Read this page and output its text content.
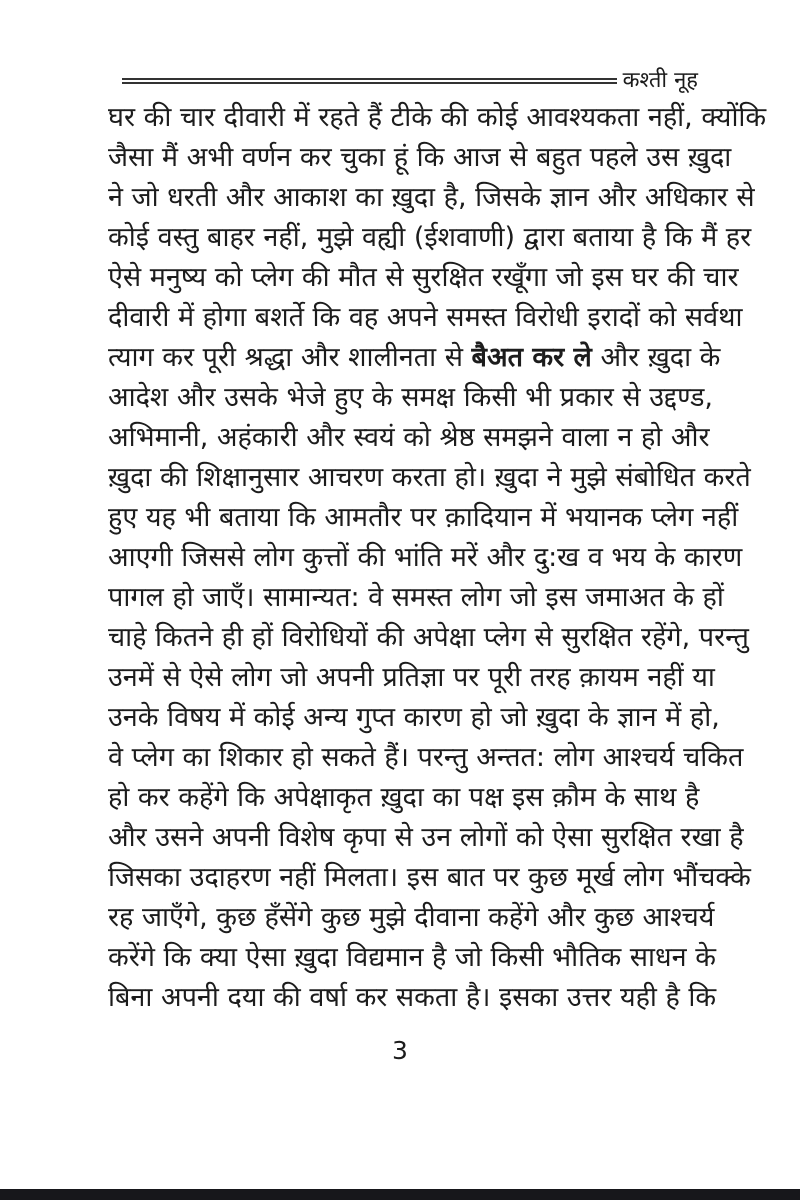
कश्ती नूह
घर की चार दीवारी में रहते हैं टीके की कोई आवश्यकता नहीं, क्योंकि
जैसा मैं अभी वर्णन कर चुका हूं कि आज से बहुत पहले उस ख़ुदा
ने जो धरती और आकाश का ख़ुदा है, जिसके ज्ञान और अधिकार से
कोई वस्तु बाहर नहीं, मुझे वह्यी (ईशवाणी) द्वारा बताया है कि मैं हर
ऐसे मनुष्य को प्लेग की मौत से सुरक्षित रखूँगा जो इस घर की चार
दीवारी में होगा बशर्ते कि वह अपने समस्त विरोधी इरादों को सर्वथा
त्याग कर पूरी श्रद्धा और शालीनता से बैअत कर ले और ख़ुदा के
आदेश और उसके भेजे हुए के समक्ष किसी भी प्रकार से उद्दण्ड,
अभिमानी, अहंकारी और स्वयं को श्रेष्ठ समझने वाला न हो और
ख़ुदा की शिक्षानुसार आचरण करता हो। ख़ुदा ने मुझे संबोधित करते
हुए यह भी बताया कि आमतौर पर क़ादियान में भयानक प्लेग नहीं
आएगी जिससे लोग कुत्तों की भांति मरें और दु:ख व भय के कारण
पागल हो जाएँ। सामान्यत: वे समस्त लोग जो इस जमाअत के हों
चाहे कितने ही हों विरोधियों की अपेक्षा प्लेग से सुरक्षित रहेंगे, परन्तु
उनमें से ऐसे लोग जो अपनी प्रतिज्ञा पर पूरी तरह क़ायम नहीं या
उनके विषय में कोई अन्य गुप्त कारण हो जो ख़ुदा के ज्ञान में हो,
वे प्लेग का शिकार हो सकते हैं। परन्तु अन्तत: लोग आश्चर्य चकित
हो कर कहेंगे कि अपेक्षाकृत ख़ुदा का पक्ष इस क़ौम के साथ है
और उसने अपनी विशेष कृपा से उन लोगों को ऐसा सुरक्षित रखा है
जिसका उदाहरण नहीं मिलता। इस बात पर कुछ मूर्ख लोग भौंचक्के
रह जाएँगे, कुछ हँसेंगे कुछ मुझे दीवाना कहेंगे और कुछ आश्चर्य
करेंगे कि क्या ऐसा ख़ुदा विद्यमान है जो किसी भौतिक साधन के
बिना अपनी दया की वर्षा कर सकता है। इसका उत्तर यही है कि
3
